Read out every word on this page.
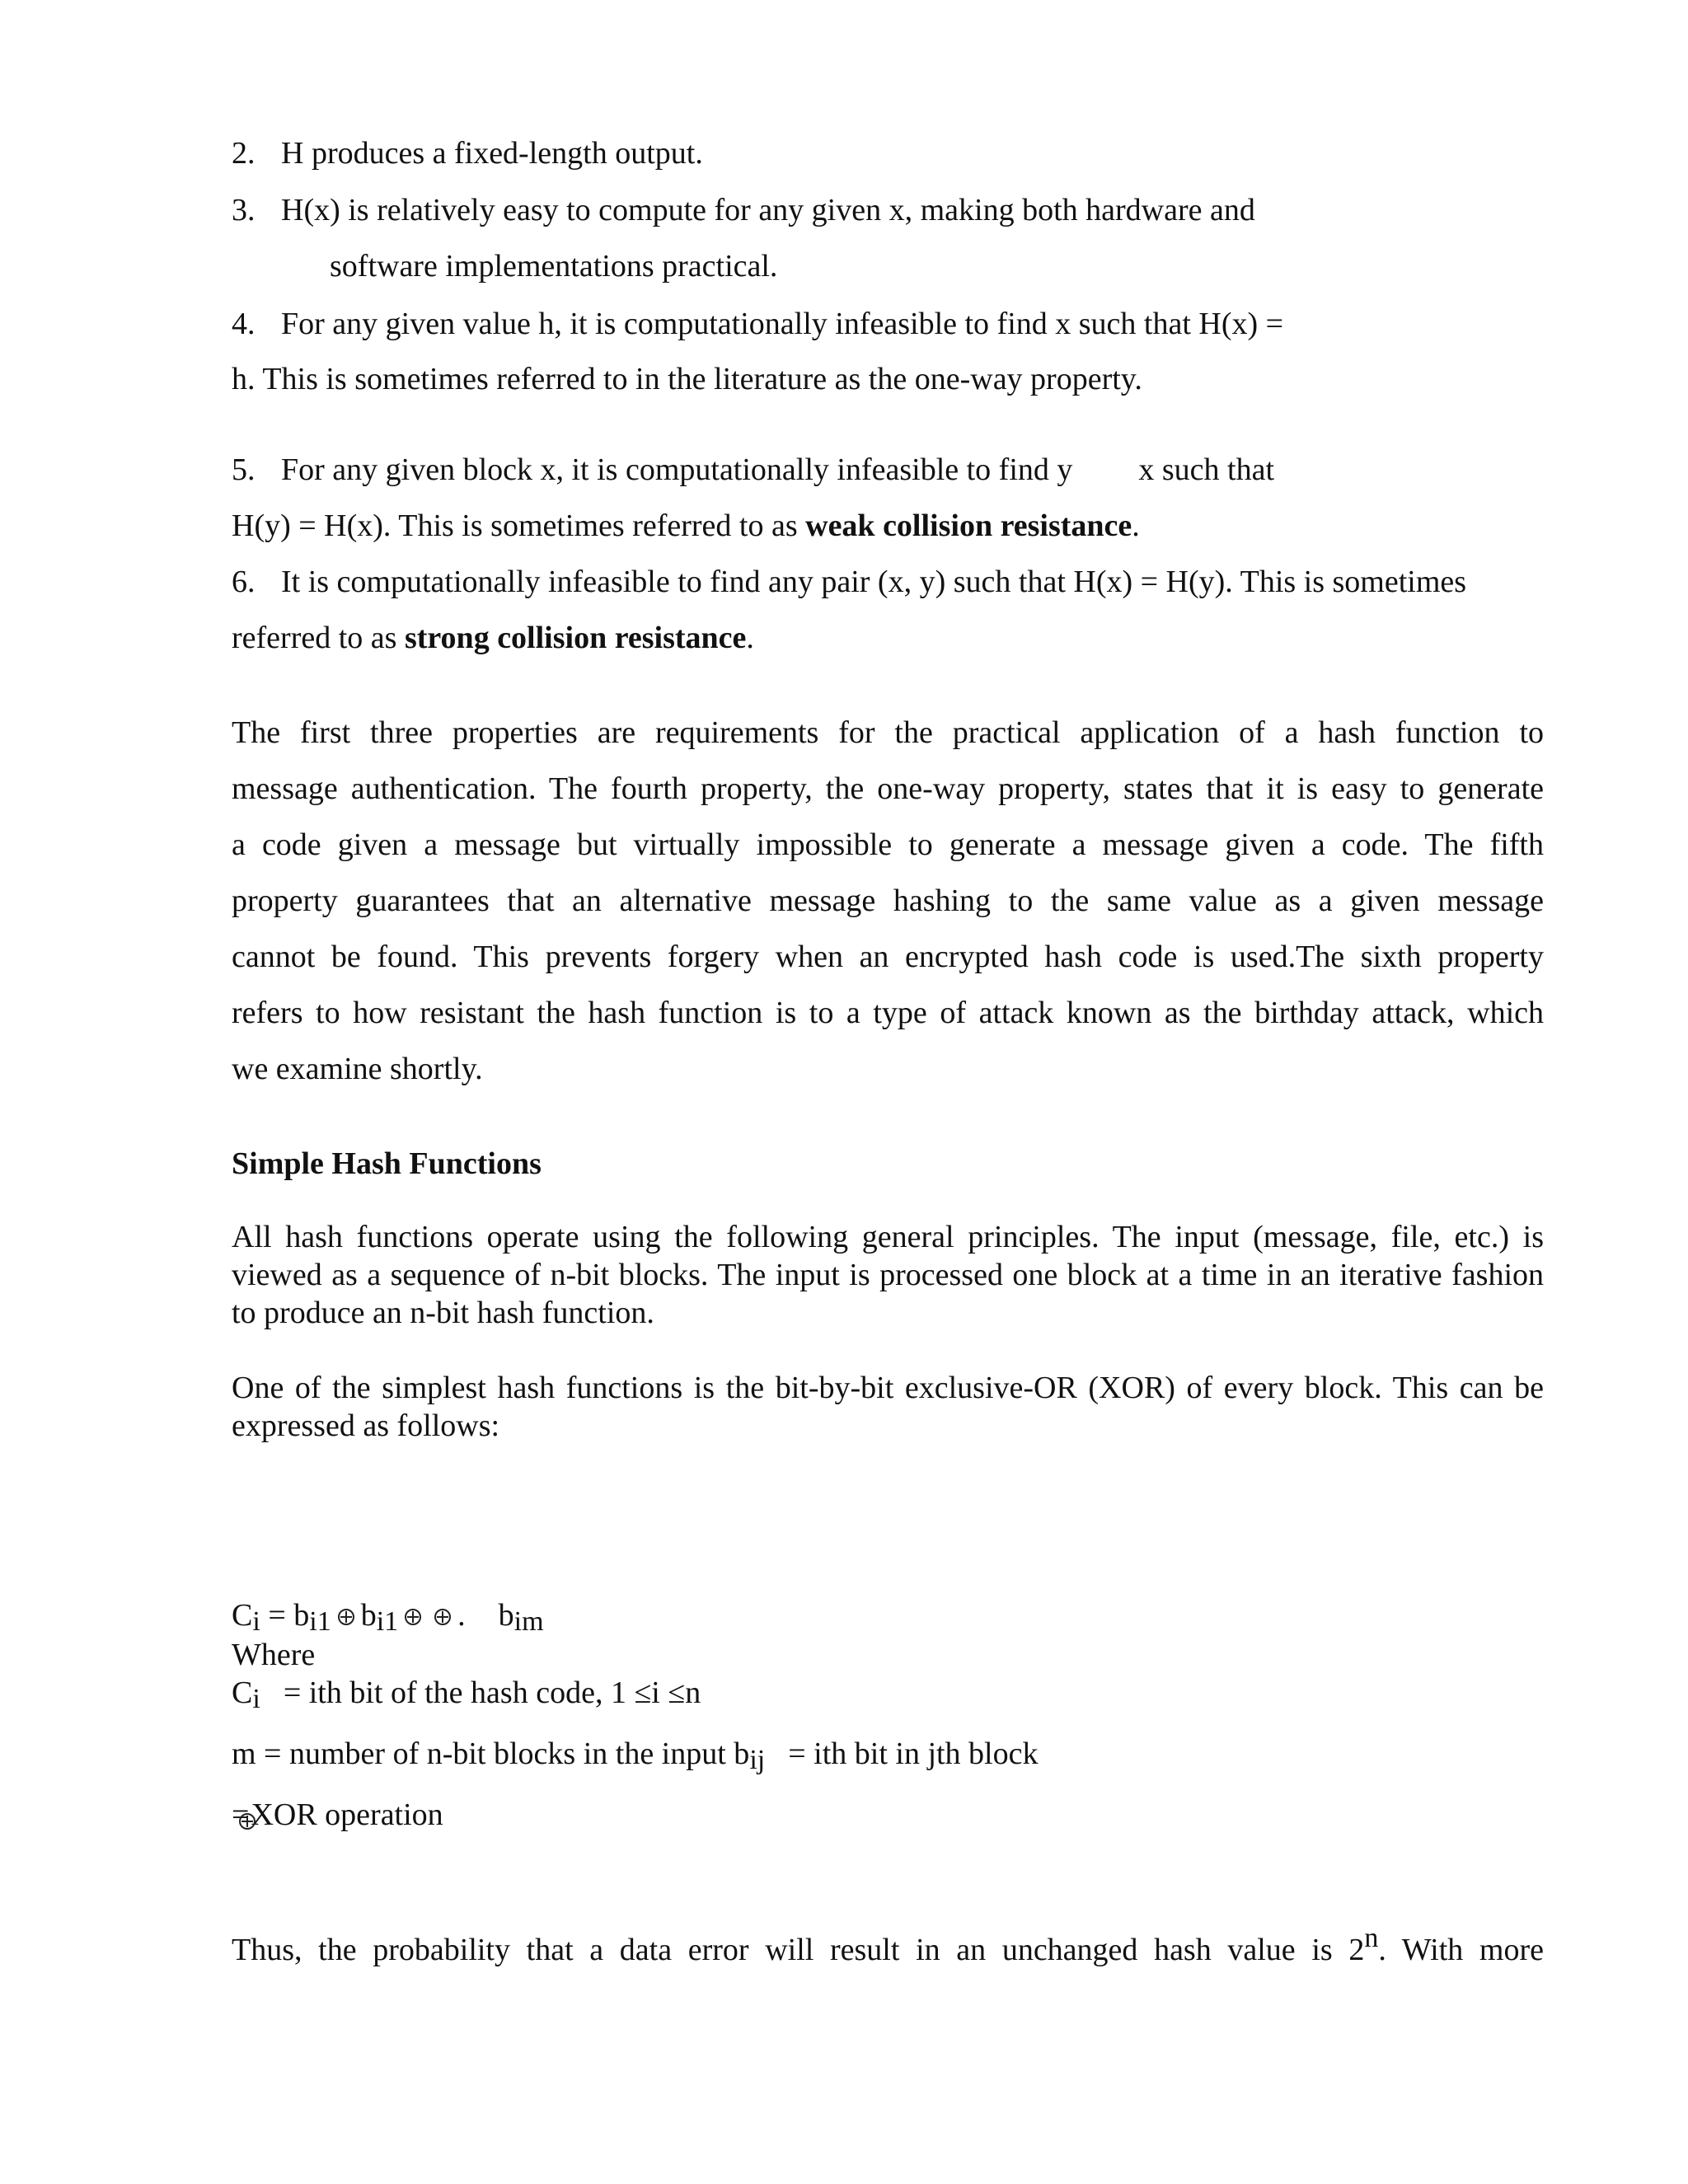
2. H produces a fixed-length output.
3. H(x) is relatively easy to compute for any given x, making both hardware and
software implementations practical.
4. For any given value h, it is computationally infeasible to find x such that H(x) =
h. This is sometimes referred to in the literature as the one-way property.
5. For any given block x, it is computationally infeasible to find y x such that
H(y) = H(x). This is sometimes referred to as weak collision resistance.
6. It is computationally infeasible to find any pair (x, y) such that H(x) = H(y). This is sometimes
referred to as strong collision resistance.
The first three properties are requirements for the practical application of a hash function to
message authentication. The fourth property, the one-way property, states that it is easy to generate
a code given a message but virtually impossible to generate a message given a code. The fifth
property guarantees that an alternative message hashing to the same value as a given message
cannot be found. This prevents forgery when an encrypted hash code is used.The sixth property
refers to how resistant the hash function is to a type of attack known as the birthday attack, which
we examine shortly.
Simple Hash Functions
All hash functions operate using the following general principles. The input (message, file, etc.) is viewed as a sequence of n-bit blocks. The input is processed one block at a time in an iterative fashion to produce an n-bit hash function.
One of the simplest hash functions is the bit-by-bit exclusive-OR (XOR) of every block. This can be expressed as follows:
Ci = bi1 bi1 . bim
Where
Ci = ith bit of the hash code, 1 ≤i ≤n
m = number of n-bit blocks in the input bij = ith bit in jth block
=
XOR operation
Thus, the probability that a data error will result in an unchanged hash value is 2n. With more
